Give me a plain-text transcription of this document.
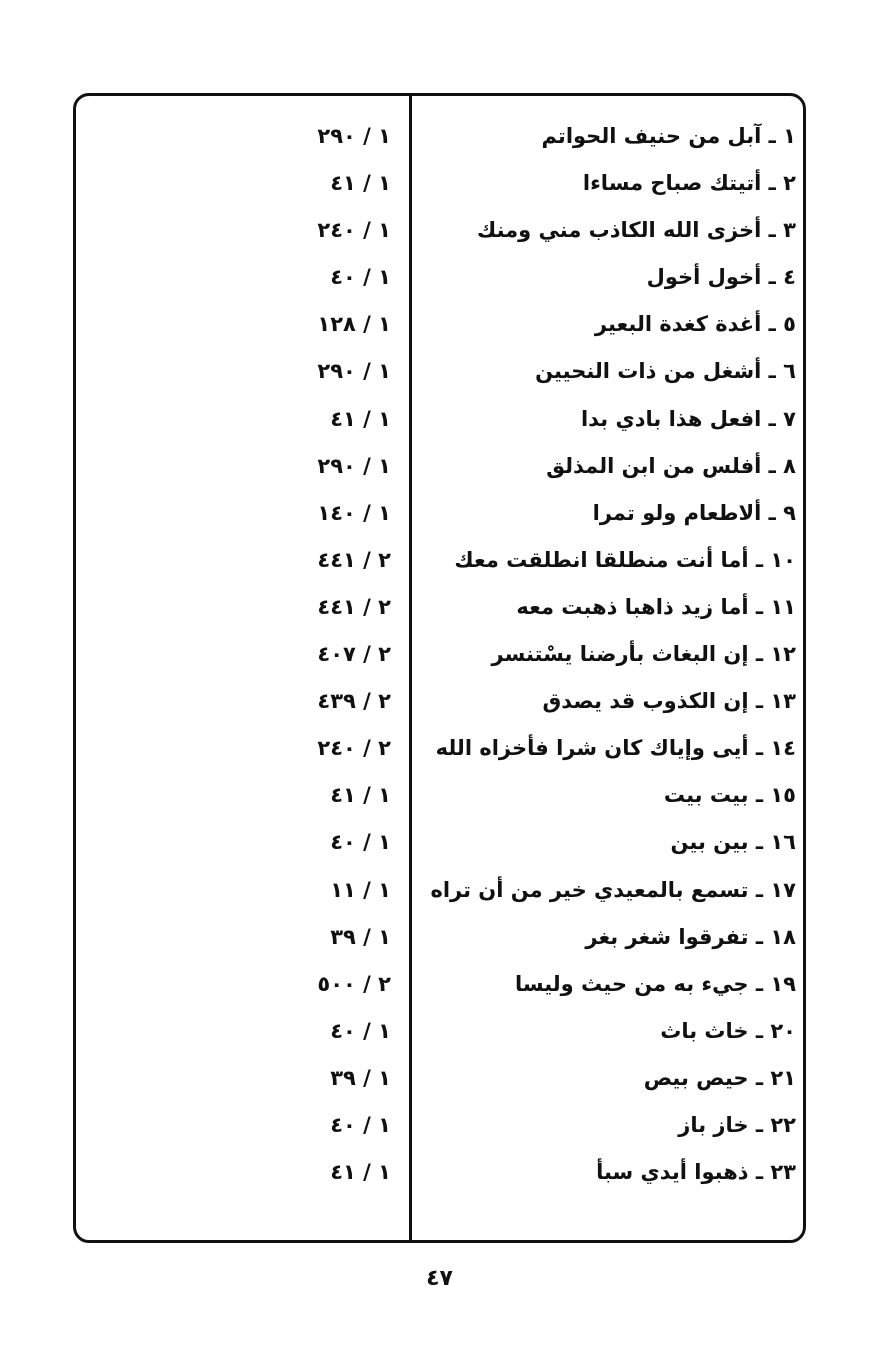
١ ـ آبل من حنيف الحواتم
١ / ٢٩٠
٢ ـ أتيتك صباح مساءا
١ / ٤١
٣ ـ أخزى الله الكاذب مني ومنك
١ / ٢٤٠
٤ ـ أخول أخول
١ / ٤٠
٥ ـ أغدة كغدة البعير
١ / ١٢٨
٦ ـ أشغل من ذات النحيين
١ / ٢٩٠
٧ ـ افعل هذا بادي بدا
١ / ٤١
٨ ـ أفلس من ابن المذلق
١ / ٢٩٠
٩ ـ ألاطعام ولو تمرا
١ / ١٤٠
١٠ ـ أما أنت منطلقا انطلقت معك
٢ / ٤٤١
١١ ـ أما زيد ذاهبا ذهبت معه
٢ / ٤٤١
١٢ ـ إن البغاث بأرضنا يسْتنسر
٢ / ٤٠٧
١٣ ـ إن الكذوب قد يصدق
٢ / ٤٣٩
١٤ ـ أيى وإياك كان شرا فأخزاه الله
٢ / ٢٤٠
١٥ ـ بيت بيت
١ / ٤١
١٦ ـ بين بين
١ / ٤٠
١٧ ـ تسمع بالمعيدي خير من أن تراه
١ / ١١
١٨ ـ تفرقوا شغر بغر
١ / ٣٩
١٩ ـ جيء به من حيث وليسا
٢ / ٥٠٠
٢٠ ـ خاث باث
١ / ٤٠
٢١ ـ حيص بيص
١ / ٣٩
٢٢ ـ خاز باز
١ / ٤٠
٢٣ ـ ذهبوا أيدي سبأ
١ / ٤١
٤٧
